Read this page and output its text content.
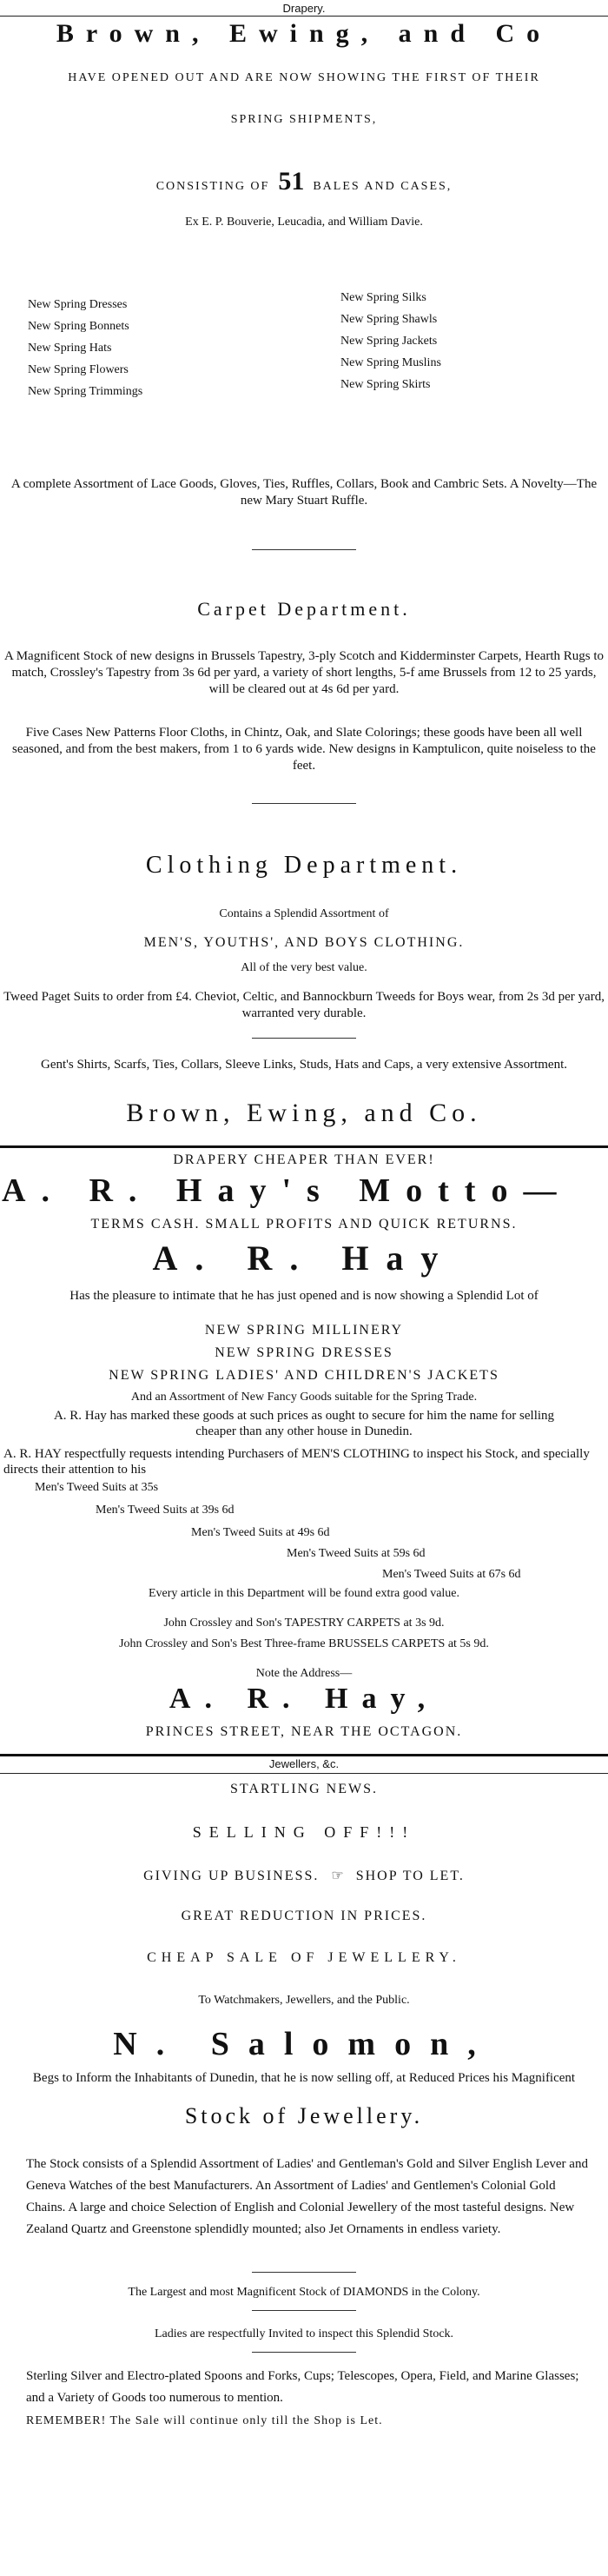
Drapery.
Brown, Ewing, and Co
HAVE OPENED OUT AND ARE NOW SHOWING THE FIRST OF THEIR
SPRING SHIPMENTS,
CONSISTING OF 51 BALES AND CASES,
Ex E. P. Bouverie, Leucadia, and William Davie.
New Spring Dresses
New Spring Bonnets
New Spring Hats
New Spring Flowers
New Spring Trimmings
New Spring Silks
New Spring Shawls
New Spring Jackets
New Spring Muslins
New Spring Skirts
A complete Assortment of Lace Goods, Gloves, Ties, Ruffles, Collars, Book and Cambric Sets. A Novelty—The new Mary Stuart Ruffle.
Carpet Department.
A Magnificent Stock of new designs in Brussels Tapestry, 3-ply Scotch and Kidderminster Carpets, Hearth Rugs to match, Crossley's Tapestry from 3s 6d per yard, a variety of short lengths, 5-f ame Brussels from 12 to 25 yards, will be cleared out at 4s 6d per yard.
Five Cases New Patterns Floor Cloths, in Chintz, Oak, and Slate Colorings; these goods have been all well seasoned, and from the best makers, from 1 to 6 yards wide. New designs in Kamptulicon, quite noiseless to the feet.
Clothing Department.
Contains a Splendid Assortment of
MEN'S, YOUTHS', AND BOYS CLOTHING.
All of the very best value.
Tweed Paget Suits to order from £4. Cheviot, Celtic, and Bannockburn Tweeds for Boys wear, from 2s 3d per yard, warranted very durable.
Gent's Shirts, Scarfs, Ties, Collars, Sleeve Links, Studs, Hats and Caps, a very extensive Assortment.
Brown, Ewing, and Co.
DRAPERY CHEAPER THAN EVER!
A. R. Hay's Motto—
TERMS CASH. SMALL PROFITS AND QUICK RETURNS.
A. R. Hay
Has the pleasure to intimate that he has just opened and is now showing a Splendid Lot of
NEW SPRING MILLINERY
NEW SPRING DRESSES
NEW SPRING LADIES' AND CHILDREN'S JACKETS
And an Assortment of New Fancy Goods suitable for the Spring Trade.
A. R. Hay has marked these goods at such prices as ought to secure for him the name for selling cheaper than any other house in Dunedin.
A. R. HAY respectfully requests intending Purchasers of MEN'S CLOTHING to inspect his Stock, and specially directs their attention to his
Men's Tweed Suits at 35s
Men's Tweed Suits at 39s 6d
Men's Tweed Suits at 49s 6d
Men's Tweed Suits at 59s 6d
Men's Tweed Suits at 67s 6d
Every article in this Department will be found extra good value.
John Crossley and Son's TAPESTRY CARPETS at 3s 9d.
John Crossley and Son's Best Three-frame BRUSSELS CARPETS at 5s 9d.
Note the Address—
A. R. Hay,
PRINCES STREET, NEAR THE OCTAGON.
Jewellers, &c.
STARTLING NEWS.
SELLING OFF!!!
GIVING UP BUSINESS. ☞ SHOP TO LET.
GREAT REDUCTION IN PRICES.
CHEAP SALE OF JEWELLERY.
To Watchmakers, Jewellers, and the Public.
N. Salomon,
Begs to Inform the Inhabitants of Dunedin, that he is now selling off, at Reduced Prices his Magnificent
Stock of Jewellery.
The Stock consists of a Splendid Assortment of Ladies' and Gentleman's Gold and Silver English Lever and Geneva Watches of the best Manufacturers. An Assortment of Ladies' and Gentlemen's Colonial Gold Chains. A large and choice Selection of English and Colonial Jewellery of the most tasteful designs. New Zealand Quartz and Greenstone splendidly mounted; also Jet Ornaments in endless variety.
The Largest and most Magnificent Stock of DIAMONDS in the Colony.
Ladies are respectfully Invited to inspect this Splendid Stock.
Sterling Silver and Electro-plated Spoons and Forks, Cups; Telescopes, Opera, Field, and Marine Glasses; and a Variety of Goods too numerous to mention.
REMEMBER! The Sale will continue only till the Shop is Let.
